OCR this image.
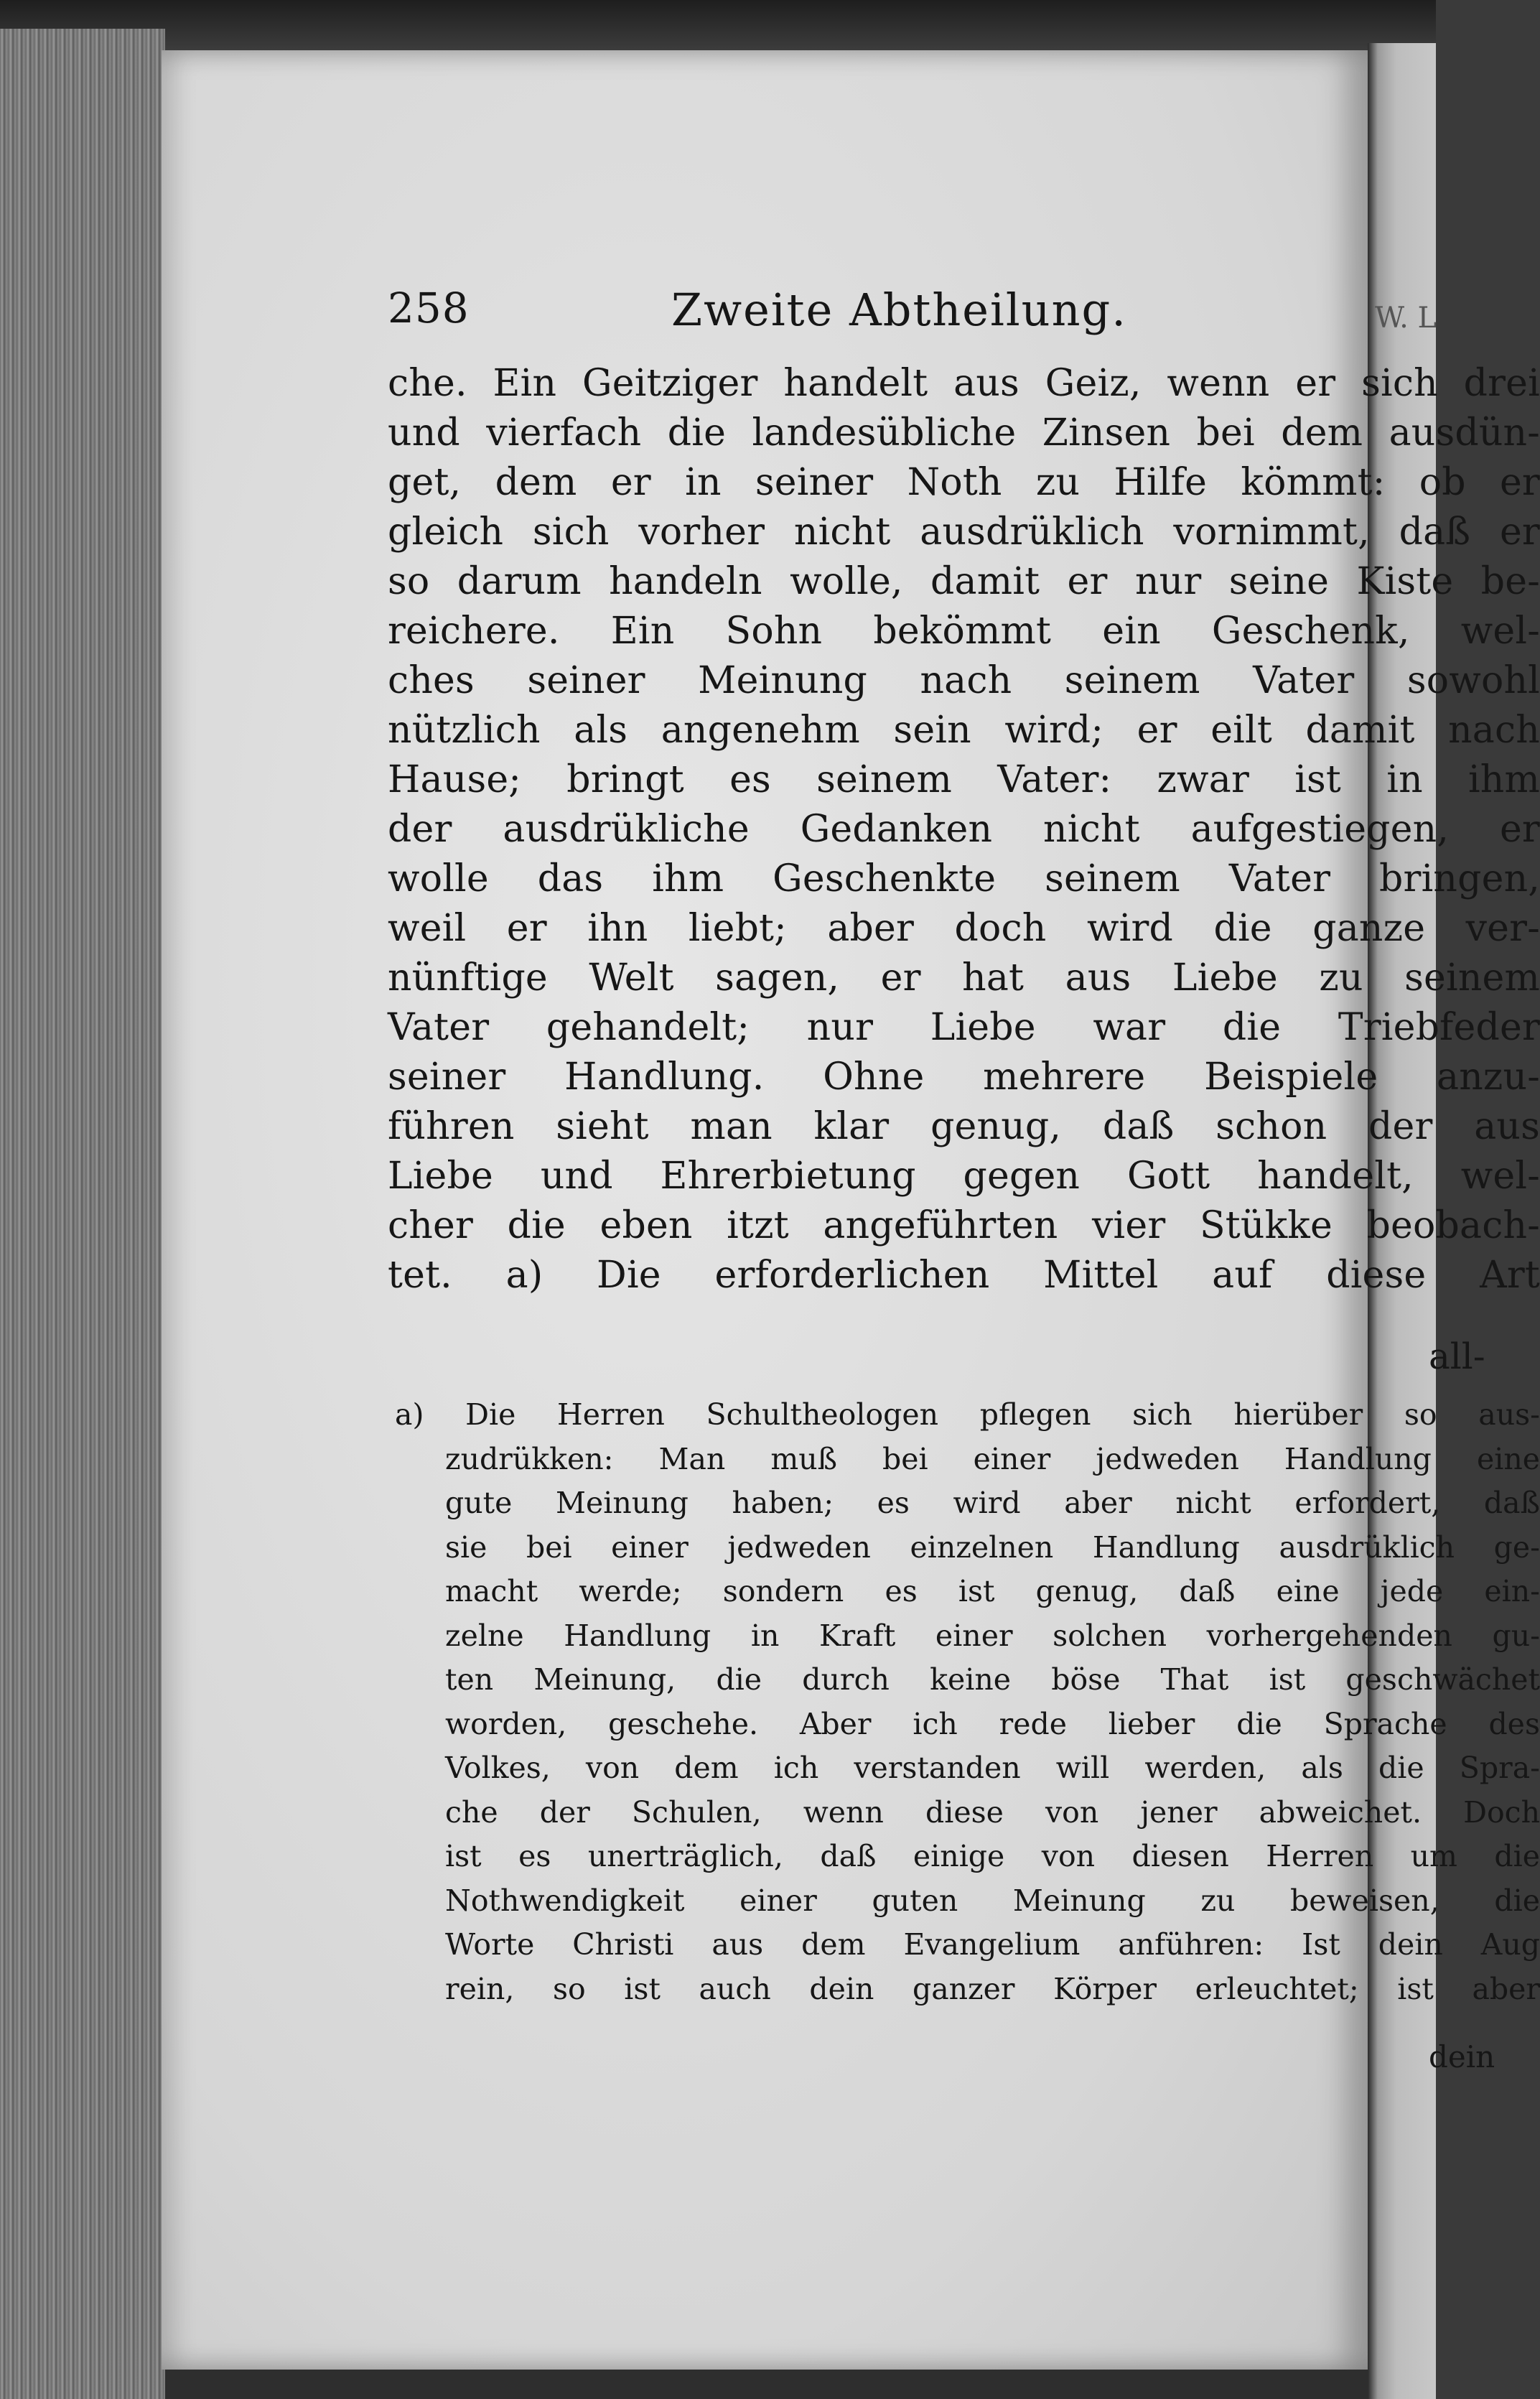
W. L
258	Zweite Abtheilung.
che. Ein Geitziger handelt aus Geiz, wenn er sich drei
und vierfach die landesübliche Zinsen bei dem ausdün-
get, dem er in seiner Noth zu Hilfe kömmt: ob er
gleich sich vorher nicht ausdrüklich vornimmt, daß er
so darum handeln wolle, damit er nur seine Kiste be-
reichere. Ein Sohn bekömmt ein Geschenk, wel-
ches seiner Meinung nach seinem Vater sowohl
nützlich als angenehm sein wird; er eilt damit nach
Hause; bringt es seinem Vater: zwar ist in ihm
der ausdrükliche Gedanken nicht aufgestiegen, er
wolle das ihm Geschenkte seinem Vater bringen,
weil er ihn liebt; aber doch wird die ganze ver-
nünftige Welt sagen, er hat aus Liebe zu seinem
Vater gehandelt; nur Liebe war die Triebfeder
seiner Handlung. Ohne mehrere Beispiele anzu-
führen sieht man klar genug, daß schon der aus
Liebe und Ehrerbietung gegen Gott handelt, wel-
cher die eben itzt angeführten vier Stükke beobach-
tet. a) Die erforderlichen Mittel auf diese Art
all-
a) Die Herren Schultheologen pflegen sich hierüber so aus-
zudrükken: Man muß bei einer jedweden Handlung eine
gute Meinung haben; es wird aber nicht erfordert, daß
sie bei einer jedweden einzelnen Handlung ausdrüklich ge-
macht werde; sondern es ist genug, daß eine jede ein-
zelne Handlung in Kraft einer solchen vorhergehenden gu-
ten Meinung, die durch keine böse That ist geschwächet
worden, geschehe. Aber ich rede lieber die Sprache des
Volkes, von dem ich verstanden will werden, als die Spra-
che der Schulen, wenn diese von jener abweichet. Doch
ist es unerträglich, daß einige von diesen Herren um die
Nothwendigkeit einer guten Meinung zu beweisen, die
Worte Christi aus dem Evangelium anführen: Ist dein Aug
rein, so ist auch dein ganzer Körper erleuchtet; ist aber
dein
